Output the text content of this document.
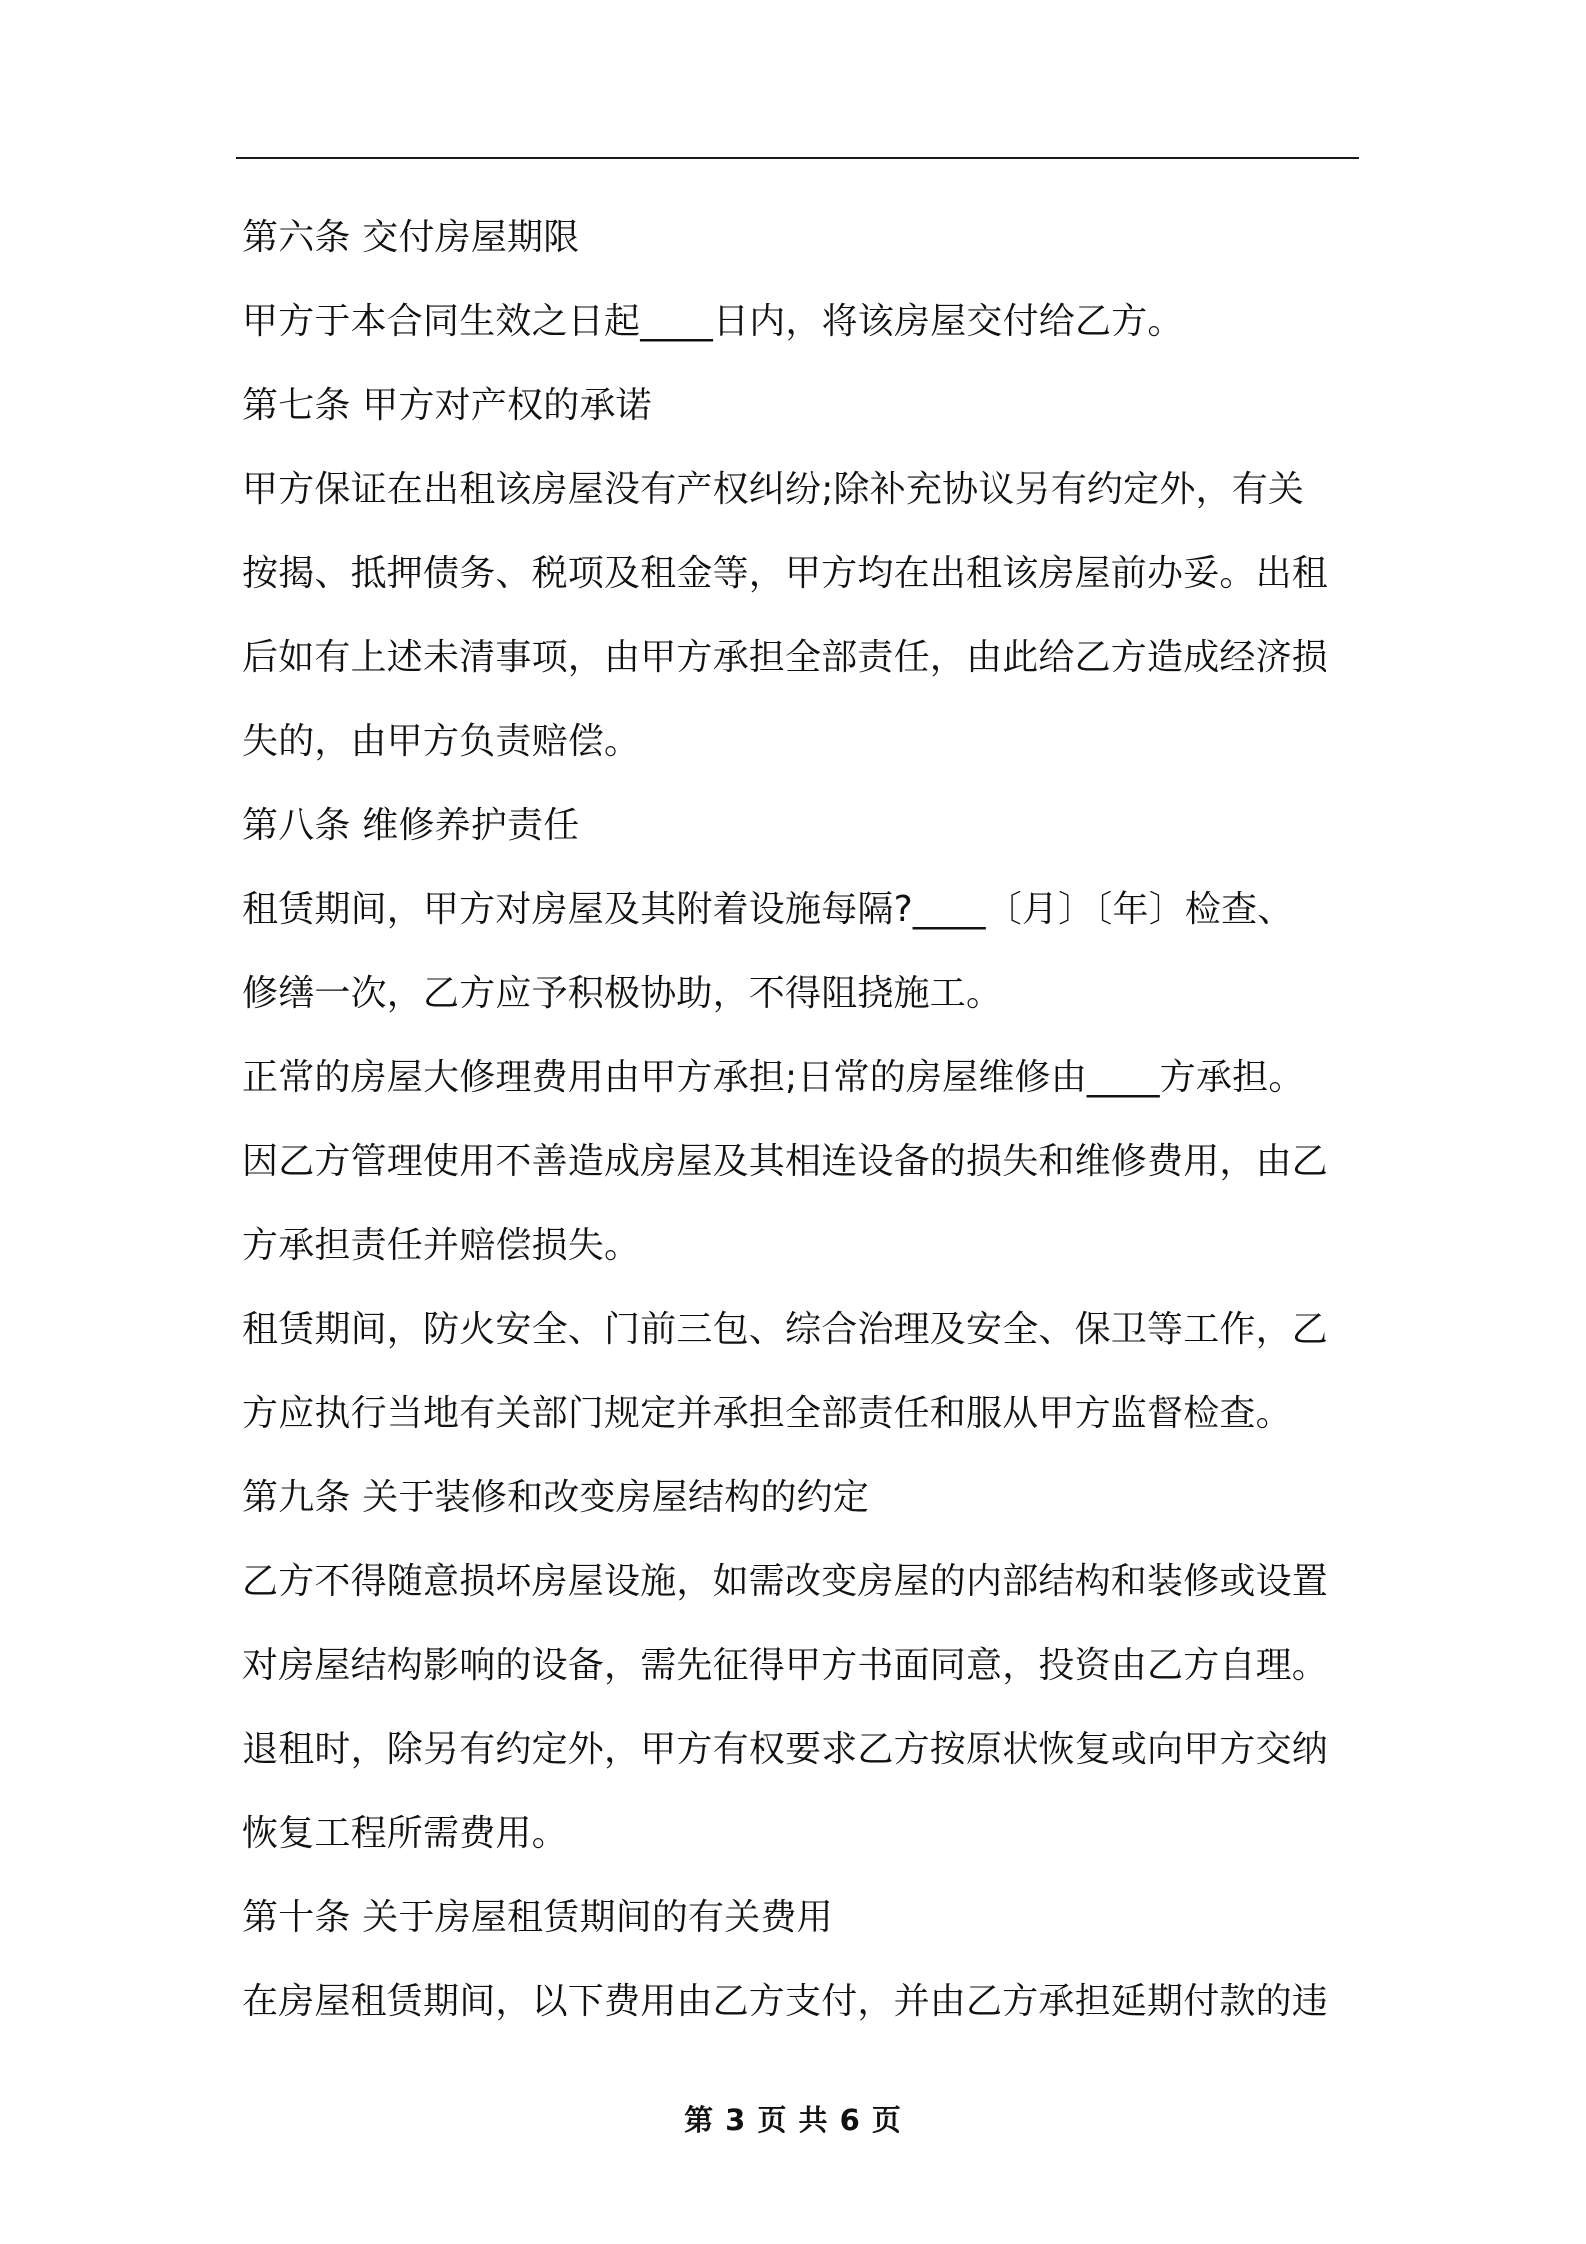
第六条 交付房屋期限
甲方于本合同生效之日起____日内，将该房屋交付给乙方。
第七条 甲方对产权的承诺
甲方保证在出租该房屋没有产权纠纷;除补充协议另有约定外，有关
按揭、抵押债务、税项及租金等，甲方均在出租该房屋前办妥。出租
后如有上述未清事项，由甲方承担全部责任，由此给乙方造成经济损
失的，由甲方负责赔偿。
第八条 维修养护责任
租赁期间，甲方对房屋及其附着设施每隔?____〔月〕〔年〕检查、
修缮一次，乙方应予积极协助，不得阻挠施工。
正常的房屋大修理费用由甲方承担;日常的房屋维修由____方承担。
因乙方管理使用不善造成房屋及其相连设备的损失和维修费用，由乙
方承担责任并赔偿损失。
租赁期间，防火安全、门前三包、综合治理及安全、保卫等工作，乙
方应执行当地有关部门规定并承担全部责任和服从甲方监督检查。
第九条 关于装修和改变房屋结构的约定
乙方不得随意损坏房屋设施，如需改变房屋的内部结构和装修或设置
对房屋结构影响的设备，需先征得甲方书面同意，投资由乙方自理。
退租时，除另有约定外，甲方有权要求乙方按原状恢复或向甲方交纳
恢复工程所需费用。
第十条 关于房屋租赁期间的有关费用
在房屋租赁期间，以下费用由乙方支付，并由乙方承担延期付款的违
第 3 页 共 6 页
